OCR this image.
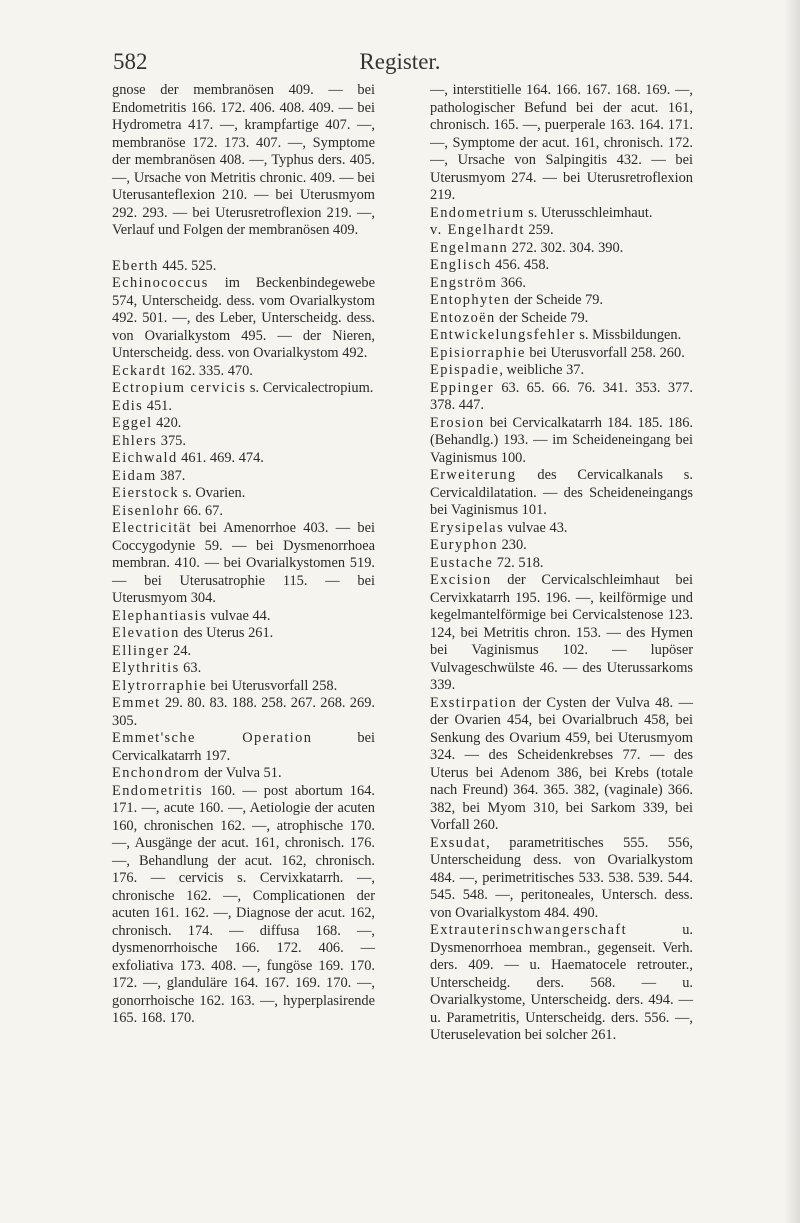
582	Register.

gnose der membranösen 409. — bei Endometritis 166. 172. 406. 408. 409. — bei Hydrometra 417. —, krampfartige 407. —, membranöse 172. 173. 407. —, Symptome der membranösen 408. —, Typhus ders. 405. —, Ursache von Metritis chronic. 409. — bei Uterusanteflexion 210. — bei Uterusmyom 292. 293. — bei Uterusretroflexion 219. —, Verlauf und Folgen der membranösen 409.

Eberth 445. 525.

Echinococcus im Beckenbindegewebe 574, Unterscheidg. dess. vom Ovarialkystom 492. 501. —, des Leber, Unterscheidg. dess. von Ovarialkystom 495. — der Nieren, Unterscheidg. dess. von Ovarialkystom 492.

Eckardt 162. 335. 470.

Ectropium cervicis s. Cervicalectropium.

Edis 451.

Eggel 420.

Ehlers 375.

Eichwald 461. 469. 474.

Eidam 387.

Eierstock s. Ovarien.

Eisenlohr 66. 67.

Electricität bei Amenorrhoe 403. — bei Coccygodynie 59. — bei Dysmenorrhoea membran. 410. — bei Ovarialkystomen 519. — bei Uterusatrophie 115. — bei Uterusmyom 304.

Elephantiasis vulvae 44.

Elevation des Uterus 261.

Ellinger 24.

Elythritis 63.

Elytrorraphie bei Uterusvorfall 258.

Emmet 29. 80. 83. 188. 258. 267. 268. 269. 305.

Emmet'sche Operation bei Cervicalkatarrh 197.

Enchondrom der Vulva 51.

Endometritis 160. — post abortum 164. 171. —, acute 160. —, Aetiologie der acuten 160, chronischen 162. —, atrophische 170. —, Ausgänge der acut. 161, chronisch. 176. —, Behandlung der acut. 162, chronisch. 176. — cervicis s. Cervixkatarrh. —, chronische 162. —, Complicationen der acuten 161. 162. —, Diagnose der acut. 162, chronisch. 174. — diffusa 168. —, dysmenorrhoische 166. 172. 406. — exfoliativa 173. 408. —, fungöse 169. 170. 172. —, glanduläre 164. 167. 169. 170. —, gonorrhoische 162. 163. —, hyperplasirende 165. 168. 170.

—, interstitielle 164. 166. 167. 168. 169. —, pathologischer Befund bei der acut. 161, chronisch. 165. —, puerperale 163. 164. 171. —, Symptome der acut. 161, chronisch. 172. —, Ursache von Salpingitis 432. — bei Uterusmyom 274. — bei Uterusretroflexion 219.

Endometrium s. Uterusschleimhaut.

v. Engelhardt 259.

Engelmann 272. 302. 304. 390.

Englisch 456. 458.

Engström 366.

Entophyten der Scheide 79.

Entozoën der Scheide 79.

Entwickelungsfehler s. Missbildungen.

Episiorraphie bei Uterusvorfall 258. 260.

Epispadie, weibliche 37.

Eppinger 63. 65. 66. 76. 341. 353. 377. 378. 447.

Erosion bei Cervicalkatarrh 184. 185. 186. (Behandlg.) 193. — im Scheideneingang bei Vaginismus 100.

Erweiterung des Cervicalkanals s. Cervicaldilatation. — des Scheideneingangs bei Vaginismus 101.

Erysipelas vulvae 43.

Euryphon 230.

Eustache 72. 518.

Excision der Cervicalschleimhaut bei Cervixkatarrh 195. 196. —, keilförmige und kegelmantelförmige bei Cervicalstenose 123. 124, bei Metritis chron. 153. — des Hymen bei Vaginismus 102. — lupöser Vulvageschwülste 46. — des Uterussarkoms 339.

Exstirpation der Cysten der Vulva 48. — der Ovarien 454, bei Ovarialbruch 458, bei Senkung des Ovarium 459, bei Uterusmyom 324. — des Scheidenkrebses 77. — des Uterus bei Adenom 386, bei Krebs (totale nach Freund) 364. 365. 382, (vaginale) 366. 382, bei Myom 310, bei Sarkom 339, bei Vorfall 260.

Exsudat, parametritisches 555. 556, Unterscheidung dess. von Ovarialkystom 484. —, perimetritisches 533. 538. 539. 544. 545. 548. —, peritoneales, Untersch. dess. von Ovarialkystom 484. 490.

Extrauterinschwangerschaft u. Dysmenorrhoea membran., gegenseit. Verh. ders. 409. — u. Haematocele retrouter., Unterscheidg. ders. 568. — u. Ovarialkystome, Unterscheidg. ders. 494. — u. Parametritis, Unterscheidg. ders. 556. —, Uteruselevation bei solcher 261.
